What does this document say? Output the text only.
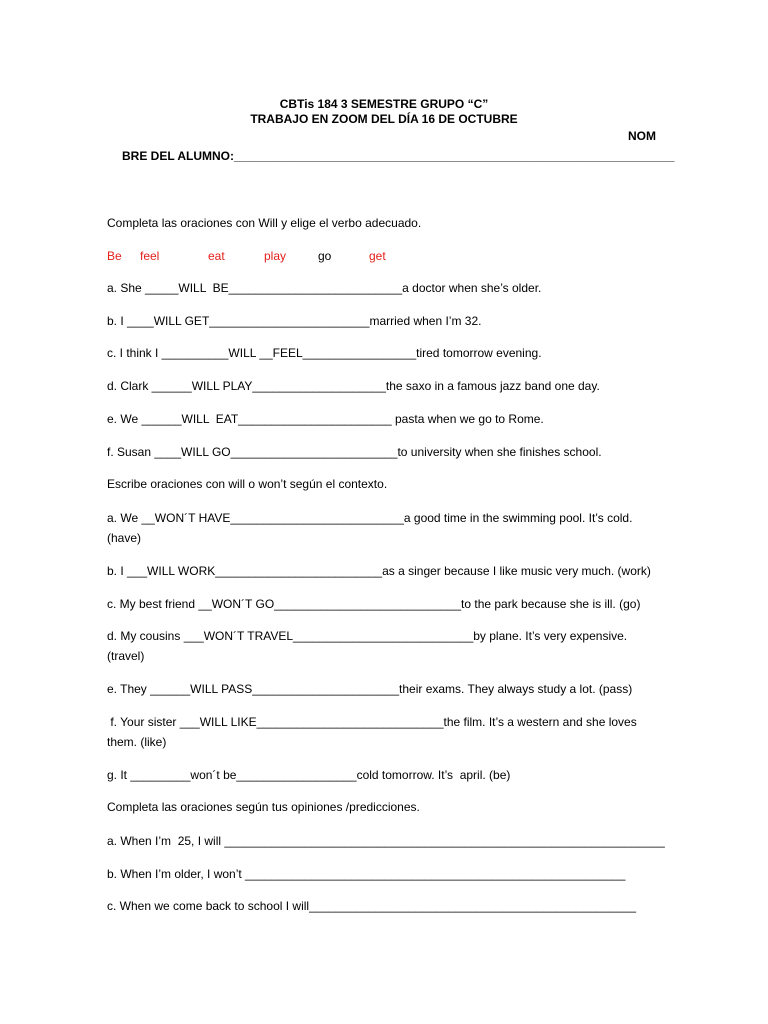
CBTis 184 3 SEMESTRE GRUPO “C”
TRABAJO EN ZOOM DEL DÍA 16 DE OCTUBRE
NOM
BRE DEL ALUMNO:__________________________________________________________________
Completa las oraciones con Will y elige el verbo adecuado.
Be feel	eat	play	go	get
a. She _____WILL  BE__________________________a doctor when she’s older.
b. I ____WILL GET________________________married when I’m 32.
c. I think I __________WILL __FEEL_________________tired tomorrow evening.
d. Clark ______WILL PLAY____________________the saxo in a famous jazz band one day.
e. We ______WILL  EAT_______________________ pasta when we go to Rome.
f. Susan ____WILL GO_________________________to university when she finishes school.
Escribe oraciones con will o won’t según el contexto.
a. We __WON´T HAVE__________________________a good time in the swimming pool. It’s cold.
(have)
b. I ___WILL WORK_________________________as a singer because I like music very much. (work)
c. My best friend __WON´T GO____________________________to the park because she is ill. (go)
d. My cousins ___WON´T TRAVEL___________________________by plane. It’s very expensive.
(travel)
e. They ______WILL PASS______________________their exams. They always study a lot. (pass)
f. Your sister ___WILL LIKE____________________________the film. It’s a western and she loves
them. (like)
g. It _________won´t be__________________cold tomorrow. It’s  april. (be)
Completa las oraciones según tus opiniones /predicciones.
a. When I’m  25, I will __________________________________________________________________
b. When I’m older, I won’t _________________________________________________________
c. When we come back to school I will_________________________________________________
